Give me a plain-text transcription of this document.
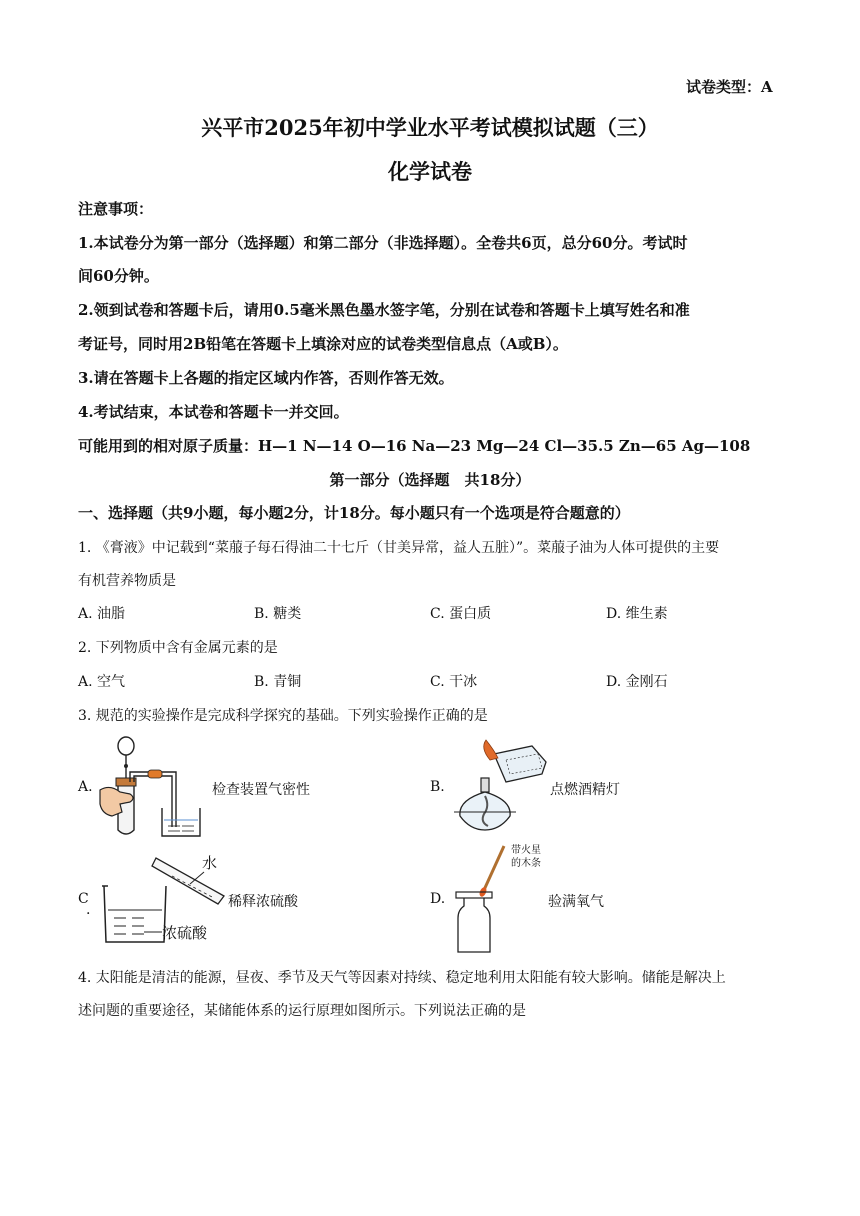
试卷类型：A
兴平市2025年初中学业水平考试模拟试题（三）
化学试卷
注意事项：
1.本试卷分为第一部分（选择题）和第二部分（非选择题）。全卷共6页，总分60分。考试时
间60分钟。
2.领到试卷和答题卡后，请用0.5毫米黑色墨水签字笔，分别在试卷和答题卡上填写姓名和准
考证号，同时用2B铅笔在答题卡上填涂对应的试卷类型信息点（A或B）。
3.请在答题卡上各题的指定区域内作答，否则作答无效。
4.考试结束，本试卷和答题卡一并交回。
可能用到的相对原子质量：H—1 N—14 O—16 Na—23 Mg—24 Cl—35.5 Zn—65 Ag—108
第一部分（选择题　共18分）
一、选择题（共9小题，每小题2分，计18分。每小题只有一个选项是符合题意的）
1. 《膏液》中记载到“菜菔子每石得油二十七斤（甘美异常，益人五脏）”。菜菔子油为人体可提供的主要
有机营养物质是
A. 油脂	B. 糖类	C. 蛋白质	D. 维生素
2. 下列物质中含有金属元素的是
A. 空气	B. 青铜	C. 干冰	D. 金刚石
3. 规范的实验操作是完成科学探究的基础。下列实验操作正确的是
A.	检查装置气密性	B.	点燃酒精灯
C
.
水
浓硫酸
稀释浓硫酸	D.
带火星
的木条
验满氧气
4. 太阳能是清洁的能源，昼夜、季节及天气等因素对持续、稳定地利用太阳能有较大影响。储能是解决上
述问题的重要途径，某储能体系的运行原理如图所示。下列说法正确的是
